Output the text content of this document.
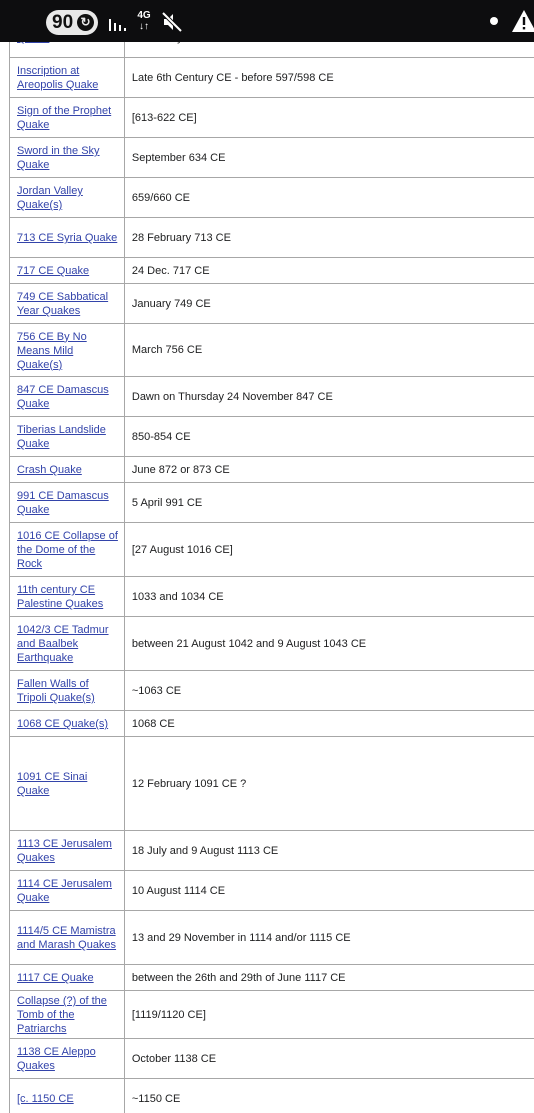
90 ↻	4G
↓↑

Inscription at Areopolis Quake	Late 6th Century CE - before 597/598 CE
Sign of the Prophet Quake	[613-622 CE]
Sword in the Sky Quake	September 634 CE
Jordan Valley Quake(s)	659/660 CE
713 CE Syria Quake	28 February 713 CE
717 CE Quake	24 Dec. 717 CE
749 CE Sabbatical Year Quakes	January 749 CE
756 CE By No Means Mild Quake(s)	March 756 CE
847 CE Damascus Quake	Dawn on Thursday 24 November 847 CE
Tiberias Landslide Quake	850-854 CE
Crash Quake	June 872 or 873 CE
991 CE Damascus Quake	5 April 991 CE
1016 CE Collapse of the Dome of the Rock	[27 August 1016 CE]
11th century CE Palestine Quakes	1033 and 1034 CE
1042/3 CE Tadmur and Baalbek Earthquake	between 21 August 1042 and 9 August 1043 CE
Fallen Walls of Tripoli Quake(s)	~1063 CE
1068 CE Quake(s)	1068 CE
1091 CE Sinai Quake	12 February 1091 CE ?
1113 CE Jerusalem Quakes	18 July and 9 August 1113 CE
1114 CE Jerusalem Quake	10 August 1114 CE
1114/5 CE Mamistra and Marash Quakes	13 and 29 November in 1114 and/or 1115 CE
1117 CE Quake	between the 26th and 29th of June 1117 CE
Collapse (?) of the Tomb of the Patriarchs	[1119/1120 CE]
1138 CE Aleppo Quakes	October 1138 CE
[c. 1150 CE	~1150 CE
